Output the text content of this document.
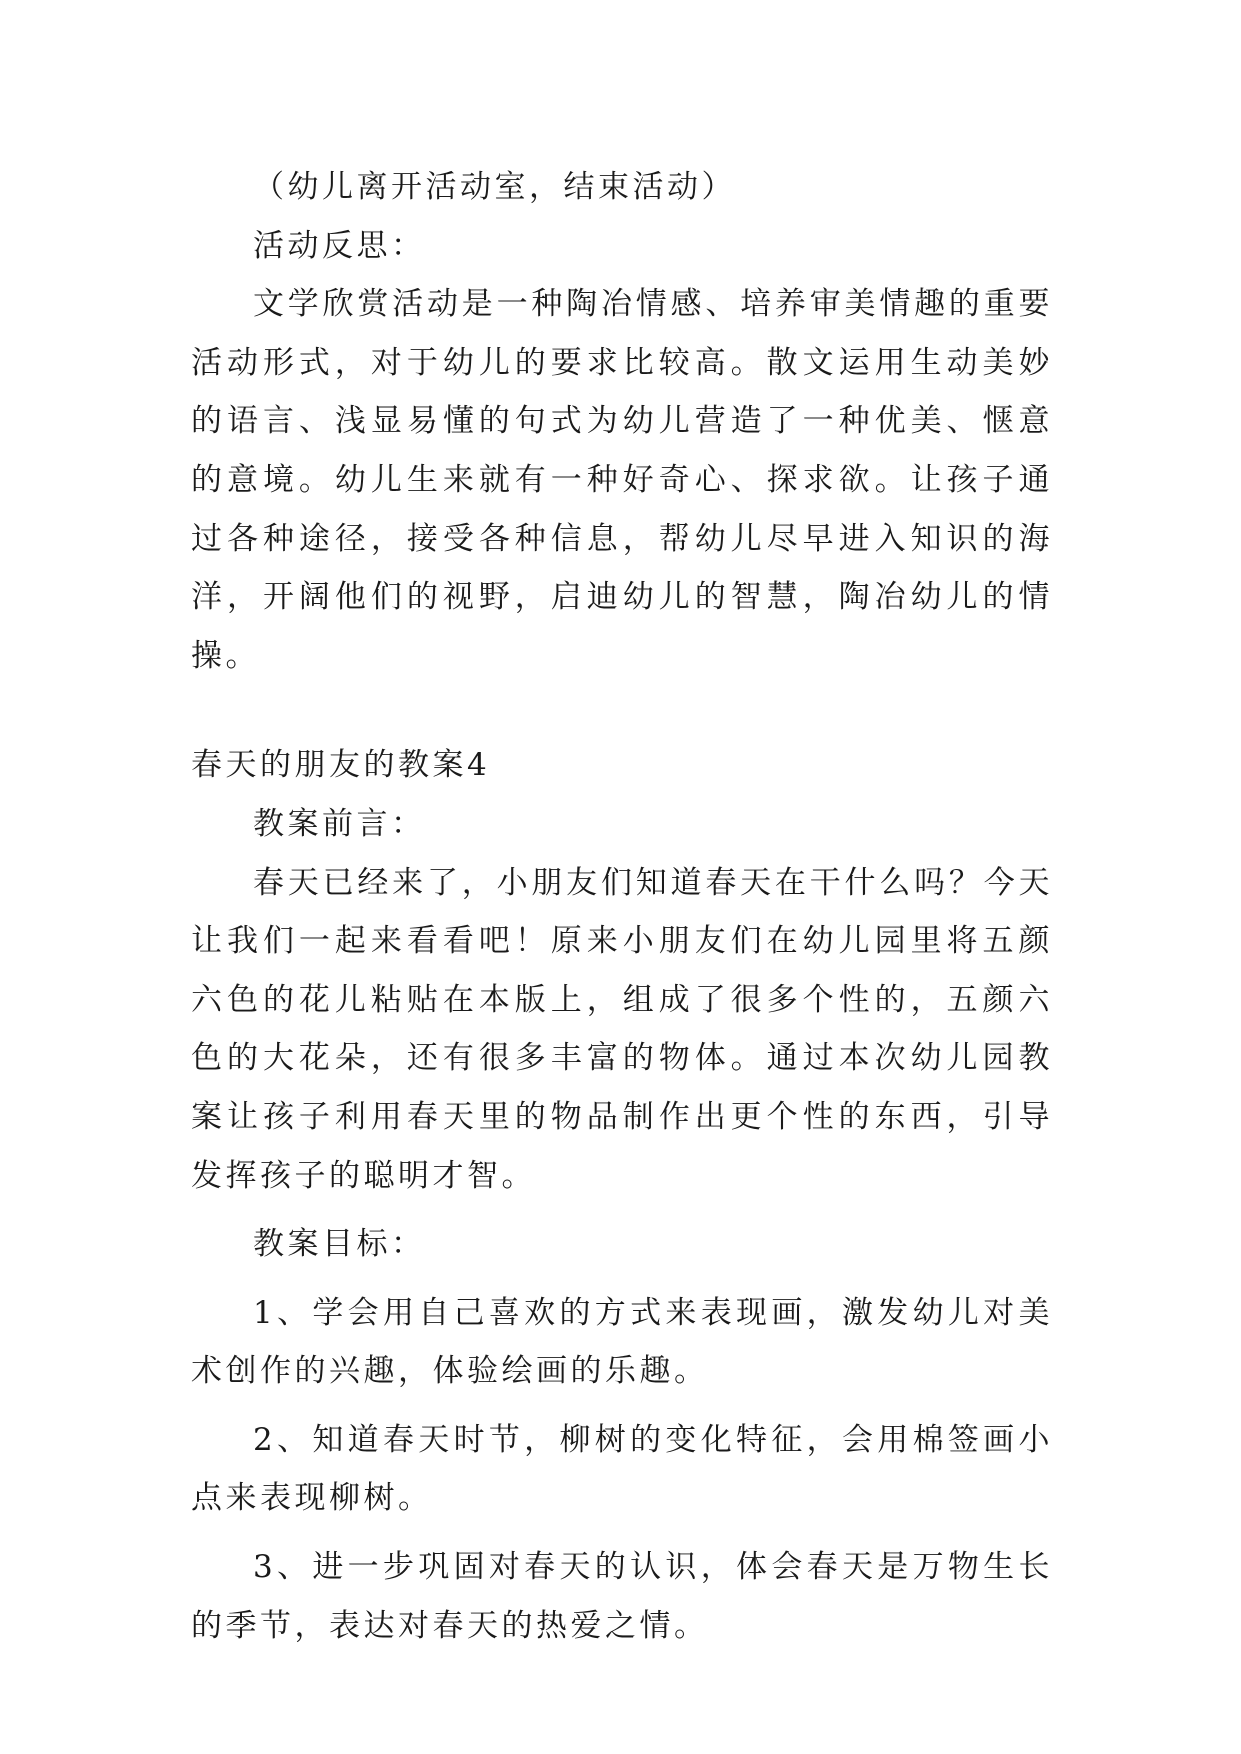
（幼儿离开活动室，结束活动）

活动反思：

文学欣赏活动是一种陶冶情感、培养审美情趣的重要活动形式，对于幼儿的要求比较高。散文运用生动美妙的语言、浅显易懂的句式为幼儿营造了一种优美、惬意的意境。幼儿生来就有一种好奇心、探求欲。让孩子通过各种途径，接受各种信息，帮幼儿尽早进入知识的海洋，开阔他们的视野，启迪幼儿的智慧，陶冶幼儿的情操。

春天的朋友的教案4

教案前言：

春天已经来了，小朋友们知道春天在干什么吗？今天让我们一起来看看吧！原来小朋友们在幼儿园里将五颜六色的花儿粘贴在本版上，组成了很多个性的，五颜六色的大花朵，还有很多丰富的物体。通过本次幼儿园教案让孩子利用春天里的物品制作出更个性的东西，引导发挥孩子的聪明才智。

教案目标：

1、学会用自己喜欢的方式来表现画，激发幼儿对美术创作的兴趣，体验绘画的乐趣。

2、知道春天时节，柳树的变化特征，会用棉签画小点来表现柳树。

3、进一步巩固对春天的认识，体会春天是万物生长的季节，表达对春天的热爱之情。
